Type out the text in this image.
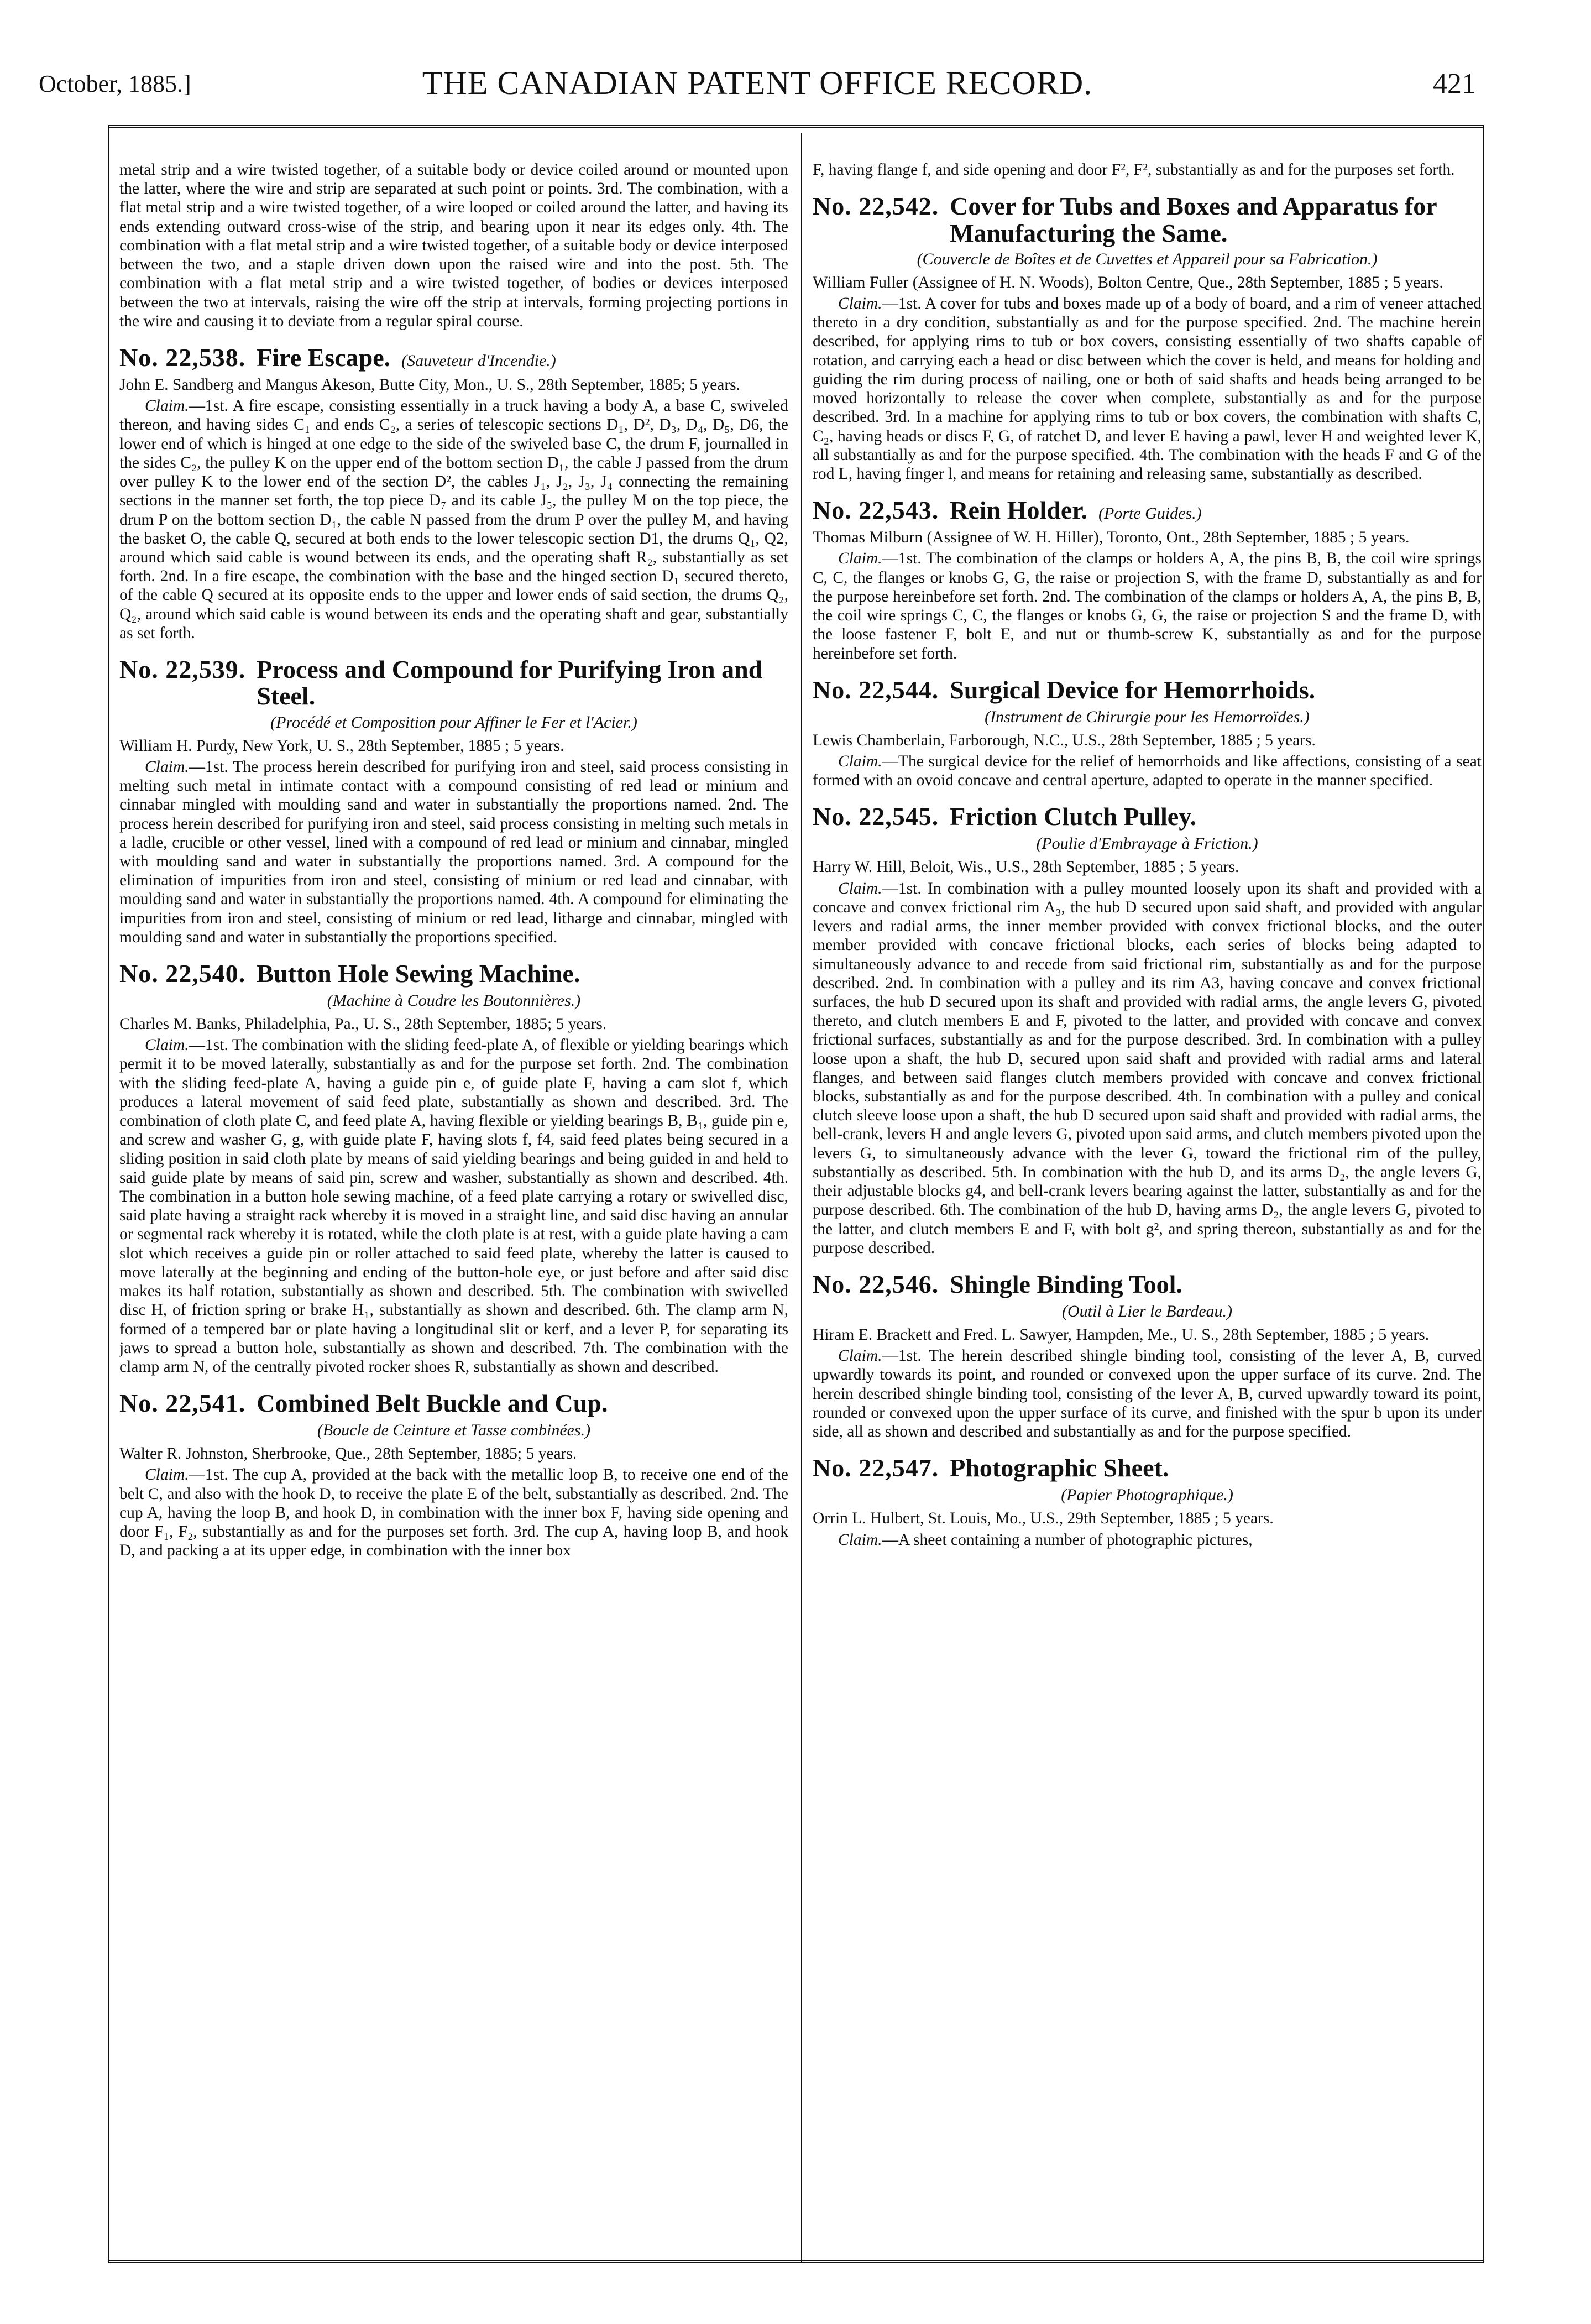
October, 1885.]	THE CANADIAN PATENT OFFICE RECORD.	421

metal strip and a wire twisted together, of a suitable body or device coiled around or mounted upon the latter, where the wire and strip are separated at such point or points. 3rd. The combination, with a flat metal strip and a wire twisted together, of a wire looped or coiled around the latter, and having its ends extending outward cross-wise of the strip, and bearing upon it near its edges only. 4th. The combination with a flat metal strip and a wire twisted together, of a suitable body or device interposed between the two, and a staple driven down upon the raised wire and into the post. 5th. The combination with a flat metal strip and a wire twisted together, of bodies or devices interposed between the two at intervals, raising the wire off the strip at intervals, forming projecting portions in the wire and causing it to deviate from a regular spiral course.

No. 22,538. Fire Escape. (Sauveteur d'Incendie.)

John E. Sandberg and Mangus Akeson, Butte City, Mon., U. S., 28th September, 1885; 5 years.

Claim.—1st. A fire escape, consisting essentially in a truck having a body A, a base C, swiveled thereon, and having sides C₁ and ends C₂, a series of telescopic sections D₁, D², D₃, D₄, D₅, D6, the lower end of which is hinged at one edge to the side of the swiveled base C, the drum F, journalled in the sides C₂, the pulley K on the upper end of the bottom section D₁, the cable J passed from the drum over pulley K to the lower end of the section D², the cables J₁, J₂, J₃, J₄ connecting the remaining sections in the manner set forth, the top piece D₇ and its cable J₅, the pulley M on the top piece, the drum P on the bottom section D₁, the cable N passed from the drum P over the pulley M, and having the basket O, the cable Q, secured at both ends to the lower telescopic section D1, the drums Q₁, Q2, around which said cable is wound between its ends, and the operating shaft R₂, substantially as set forth. 2nd. In a fire escape, the combination with the base and the hinged section D₁ secured thereto, of the cable Q secured at its opposite ends to the upper and lower ends of said section, the drums Q₂, Q₂, around which said cable is wound between its ends and the operating shaft and gear, substantially as set forth.

No. 22,539. Process and Compound for Purifying Iron and Steel.
(Procédé et Composition pour Affiner le Fer et l'Acier.)

William H. Purdy, New York, U. S., 28th September, 1885 ; 5 years.

Claim.—1st. The process herein described for purifying iron and steel, said process consisting in melting such metal in intimate contact with a compound consisting of red lead or minium and cinnabar mingled with moulding sand and water in substantially the proportions named. 2nd. The process herein described for purifying iron and steel, said process consisting in melting such metals in a ladle, crucible or other vessel, lined with a compound of red lead or minium and cinnabar, mingled with moulding sand and water in substantially the proportions named. 3rd. A compound for the elimination of impurities from iron and steel, consisting of minium or red lead and cinnabar, with moulding sand and water in substantially the proportions named. 4th. A compound for eliminating the impurities from iron and steel, consisting of minium or red lead, litharge and cinnabar, mingled with moulding sand and water in substantially the proportions specified.

No. 22,540. Button Hole Sewing Machine.
(Machine à Coudre les Boutonnières.)

Charles M. Banks, Philadelphia, Pa., U. S., 28th September, 1885; 5 years.

Claim.—1st. The combination with the sliding feed-plate A, of flexible or yielding bearings which permit it to be moved laterally, substantially as and for the purpose set forth. 2nd. The combination with the sliding feed-plate A, having a guide pin e, of guide plate F, having a cam slot f, which produces a lateral movement of said feed plate, substantially as shown and described. 3rd. The combination of cloth plate C, and feed plate A, having flexible or yielding bearings B, B₁, guide pin e, and screw and washer G, g, with guide plate F, having slots f, f4, said feed plates being secured in a sliding position in said cloth plate by means of said yielding bearings and being guided in and held to said guide plate by means of said pin, screw and washer, substantially as shown and described. 4th. The combination in a button hole sewing machine, of a feed plate carrying a rotary or swivelled disc, said plate having a straight rack whereby it is moved in a straight line, and said disc having an annular or segmental rack whereby it is rotated, while the cloth plate is at rest, with a guide plate having a cam slot which receives a guide pin or roller attached to said feed plate, whereby the latter is caused to move laterally at the beginning and ending of the button-hole eye, or just before and after said disc makes its half rotation, substantially as shown and described. 5th. The combination with swivelled disc H, of friction spring or brake H₁, substantially as shown and described. 6th. The clamp arm N, formed of a tempered bar or plate having a longitudinal slit or kerf, and a lever P, for separating its jaws to spread a button hole, substantially as shown and described. 7th. The combination with the clamp arm N, of the centrally pivoted rocker shoes R, substantially as shown and described.

No. 22,541. Combined Belt Buckle and Cup.
(Boucle de Ceinture et Tasse combinées.)

Walter R. Johnston, Sherbrooke, Que., 28th September, 1885; 5 years.

Claim.—1st. The cup A, provided at the back with the metallic loop B, to receive one end of the belt C, and also with the hook D, to receive the plate E of the belt, substantially as described. 2nd. The cup A, having the loop B, and hook D, in combination with the inner box F, having side opening and door F₁, F₂, substantially as and for the purposes set forth. 3rd. The cup A, having loop B, and hook D, and packing a at its upper edge, in combination with the inner box

F, having flange f, and side opening and door F², F², substantially as and for the purposes set forth.

No. 22,542. Cover for Tubs and Boxes and Apparatus for Manufacturing the Same.
(Couvercle de Boîtes et de Cuvettes et Appareil pour sa Fabrication.)

William Fuller (Assignee of H. N. Woods), Bolton Centre, Que., 28th September, 1885 ; 5 years.

Claim.—1st. A cover for tubs and boxes made up of a body of board, and a rim of veneer attached thereto in a dry condition, substantially as and for the purpose specified. 2nd. The machine herein described, for applying rims to tub or box covers, consisting essentially of two shafts capable of rotation, and carrying each a head or disc between which the cover is held, and means for holding and guiding the rim during process of nailing, one or both of said shafts and heads being arranged to be moved horizontally to release the cover when complete, substantially as and for the purpose described. 3rd. In a machine for applying rims to tub or box covers, the combination with shafts C, C₂, having heads or discs F, G, of ratchet D, and lever E having a pawl, lever H and weighted lever K, all substantially as and for the purpose specified. 4th. The combination with the heads F and G of the rod L, having finger l, and means for retaining and releasing same, substantially as described.

No. 22,543. Rein Holder. (Porte Guides.)

Thomas Milburn (Assignee of W. H. Hiller), Toronto, Ont., 28th September, 1885 ; 5 years.

Claim.—1st. The combination of the clamps or holders A, A, the pins B, B, the coil wire springs C, C, the flanges or knobs G, G, the raise or projection S, with the frame D, substantially as and for the purpose hereinbefore set forth. 2nd. The combination of the clamps or holders A, A, the pins B, B, the coil wire springs C, C, the flanges or knobs G, G, the raise or projection S and the frame D, with the loose fastener F, bolt E, and nut or thumb-screw K, substantially as and for the purpose hereinbefore set forth.

No. 22,544. Surgical Device for Hemorrhoids.
(Instrument de Chirurgie pour les Hemorroïdes.)

Lewis Chamberlain, Farborough, N.C., U.S., 28th September, 1885 ; 5 years.

Claim.—The surgical device for the relief of hemorrhoids and like affections, consisting of a seat formed with an ovoid concave and central aperture, adapted to operate in the manner specified.

No. 22,545. Friction Clutch Pulley.
(Poulie d'Embrayage à Friction.)

Harry W. Hill, Beloit, Wis., U.S., 28th September, 1885 ; 5 years.

Claim.—1st. In combination with a pulley mounted loosely upon its shaft and provided with a concave and convex frictional rim A₃, the hub D secured upon said shaft, and provided with angular levers and radial arms, the inner member provided with convex frictional blocks, and the outer member provided with concave frictional blocks, each series of blocks being adapted to simultaneously advance to and recede from said frictional rim, substantially as and for the purpose described. 2nd. In combination with a pulley and its rim A3, having concave and convex frictional surfaces, the hub D secured upon its shaft and provided with radial arms, the angle levers G, pivoted thereto, and clutch members E and F, pivoted to the latter, and provided with concave and convex frictional surfaces, substantially as and for the purpose described. 3rd. In combination with a pulley loose upon a shaft, the hub D, secured upon said shaft and provided with radial arms and lateral flanges, and between said flanges clutch members provided with concave and convex frictional blocks, substantially as and for the purpose described. 4th. In combination with a pulley and conical clutch sleeve loose upon a shaft, the hub D secured upon said shaft and provided with radial arms, the bell-crank, levers H and angle levers G, pivoted upon said arms, and clutch members pivoted upon the levers G, to simultaneously advance with the lever G, toward the frictional rim of the pulley, substantially as described. 5th. In combination with the hub D, and its arms D₂, the angle levers G, their adjustable blocks g4, and bell-crank levers bearing against the latter, substantially as and for the purpose described. 6th. The combination of the hub D, having arms D₂, the angle levers G, pivoted to the latter, and clutch members E and F, with bolt g², and spring thereon, substantially as and for the purpose described.

No. 22,546. Shingle Binding Tool.
(Outil à Lier le Bardeau.)

Hiram E. Brackett and Fred. L. Sawyer, Hampden, Me., U. S., 28th September, 1885 ; 5 years.

Claim.—1st. The herein described shingle binding tool, consisting of the lever A, B, curved upwardly towards its point, and rounded or convexed upon the upper surface of its curve. 2nd. The herein described shingle binding tool, consisting of the lever A, B, curved upwardly toward its point, rounded or convexed upon the upper surface of its curve, and finished with the spur b upon its under side, all as shown and described and substantially as and for the purpose specified.

No. 22,547. Photographic Sheet.
(Papier Photographique.)

Orrin L. Hulbert, St. Louis, Mo., U.S., 29th September, 1885 ; 5 years.

Claim.—A sheet containing a number of photographic pictures,
